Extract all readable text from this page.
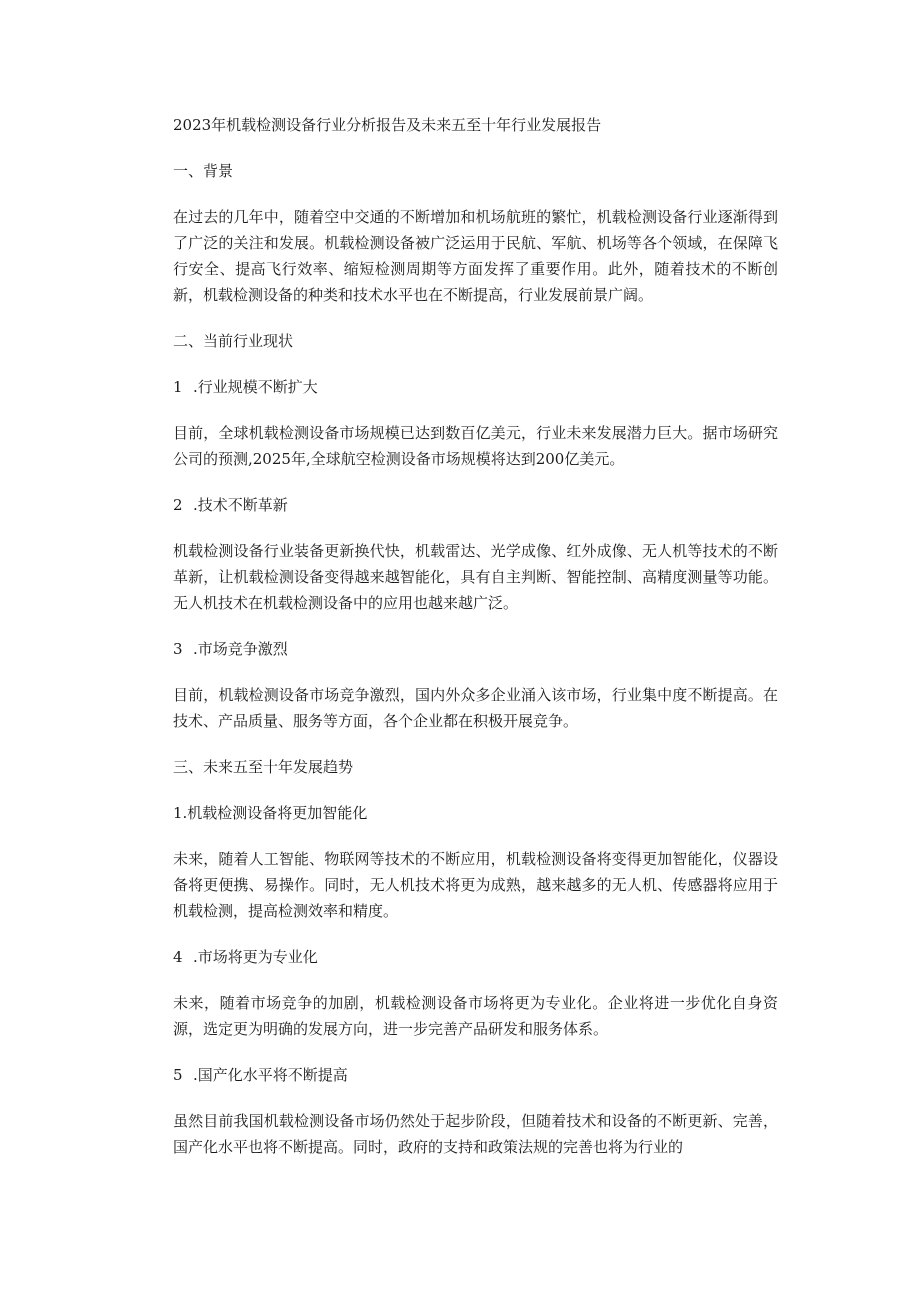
2023年机载检测设备行业分析报告及未来五至十年行业发展报告
一、背景
在过去的几年中，随着空中交通的不断增加和机场航班的繁忙，机载检测设备行业逐渐得到了广泛的关注和发展。机载检测设备被广泛运用于民航、军航、机场等各个领域，在保障飞行安全、提高飞行效率、缩短检测周期等方面发挥了重要作用。此外，随着技术的不断创新，机载检测设备的种类和技术水平也在不断提高，行业发展前景广阔。
二、当前行业现状
1 .行业规模不断扩大
目前，全球机载检测设备市场规模已达到数百亿美元，行业未来发展潜力巨大。据市场研究公司的预测,2025年,全球航空检测设备市场规模将达到200亿美元。
2 .技术不断革新
机载检测设备行业装备更新换代快，机载雷达、光学成像、红外成像、无人机等技术的不断革新，让机载检测设备变得越来越智能化，具有自主判断、智能控制、高精度测量等功能。无人机技术在机载检测设备中的应用也越来越广泛。
3 .市场竞争激烈
目前，机载检测设备市场竞争激烈，国内外众多企业涌入该市场，行业集中度不断提高。在技术、产品质量、服务等方面，各个企业都在积极开展竞争。
三、未来五至十年发展趋势
1.机载检测设备将更加智能化
未来，随着人工智能、物联网等技术的不断应用，机载检测设备将变得更加智能化，仪器设备将更便携、易操作。同时，无人机技术将更为成熟，越来越多的无人机、传感器将应用于机载检测，提高检测效率和精度。
4 .市场将更为专业化
未来，随着市场竞争的加剧，机载检测设备市场将更为专业化。企业将进一步优化自身资源，选定更为明确的发展方向，进一步完善产品研发和服务体系。
5 .国产化水平将不断提高
虽然目前我国机载检测设备市场仍然处于起步阶段，但随着技术和设备的不断更新、完善，国产化水平也将不断提高。同时，政府的支持和政策法规的完善也将为行业的
